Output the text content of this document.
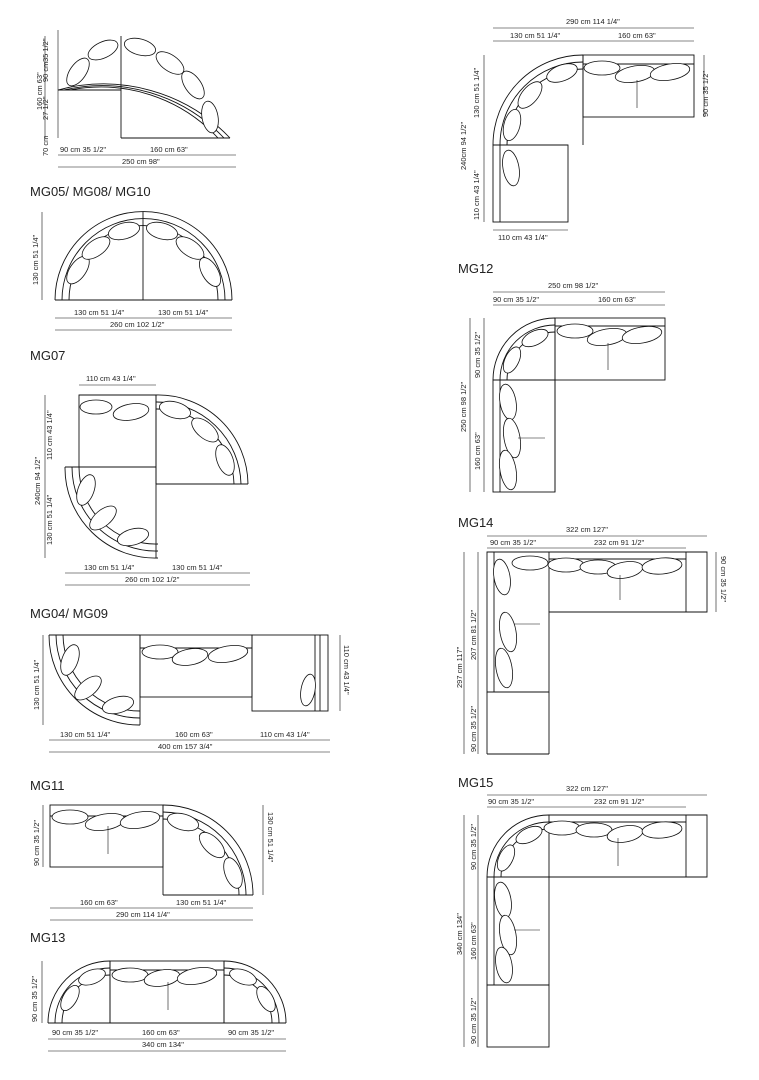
160 cm 63"
35 1/2"
90 cm
27 1/2"
70 cm 90 cm 35 1/2"	160 cm 63"
250 cm 98"
MG05/ MG08/ MG10
130 cm 51 1/4"
130 cm 51 1/4"	130 cm 51 1/4"
260 cm 102 1/2"
MG07
110 cm 43 1/4"
240cm 94 1/2"
110 cm 43 1/4"
130 cm 51 1/4"
130 cm 51 1/4"	130 cm 51 1/4"
260 cm 102 1/2"
MG04/ MG09
130 cm 51 1/4"	110 cm 43 1/4"
130 cm 51 1/4"	160 cm 63"	110 cm 43 1/4"
400 cm 157 3/4"
MG11
90 cm 35 1/2"	130 cm 51 1/4"
160 cm 63"	130 cm 51 1/4"
290 cm 114 1/4"
MG13
90 cm 35 1/2"
90 cm 35 1/2"	160 cm 63"	90 cm 35 1/2"
340 cm 134"
290 cm 114 1/4"
130 cm 51 1/4"	160 cm 63"
240cm 94 1/2"
130 cm 51 1/4"
110 cm 43 1/4"
90 cm 35 1/2"
110 cm 43 1/4"
MG12
250 cm 98 1/2"
90 cm 35 1/2"	160 cm 63"
250 cm 98 1/2"
90 cm 35 1/2"
160 cm 63"
MG14	322 cm 127"
90 cm 35 1/2"	232 cm 91 1/2"
90 cm 35 1/2"
297 cm 117"
207 cm 81 1/2"
90 cm 35 1/2"
MG15	322 cm 127"
90 cm 35 1/2"	232 cm 91 1/2"
340 cm 134"
90 cm 35 1/2"
160 cm 63"
90 cm 35 1/2"
